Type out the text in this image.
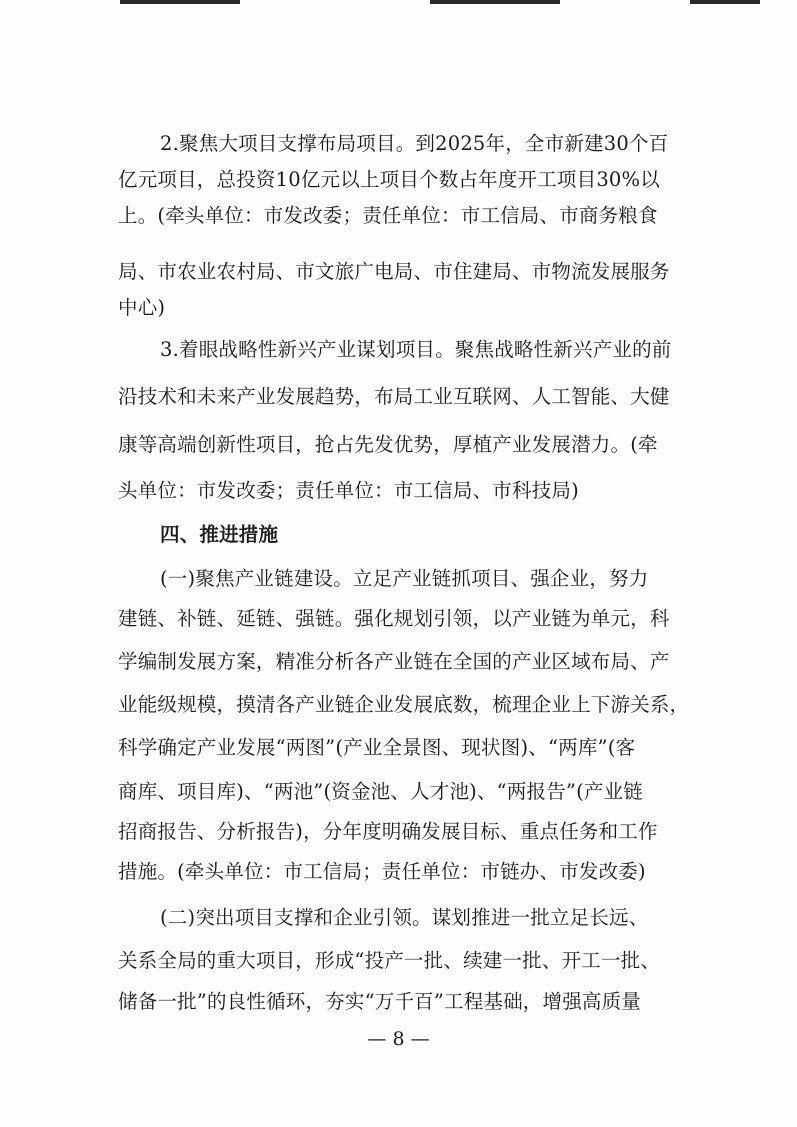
2.聚焦大项目支撑布局项目。到2025年，全市新建30个百
亿元项目，总投资10亿元以上项目个数占年度开工项目30%以
上。(牵头单位：市发改委；责任单位：市工信局、市商务粮食
局、市农业农村局、市文旅广电局、市住建局、市物流发展服务
中心)
3.着眼战略性新兴产业谋划项目。聚焦战略性新兴产业的前
沿技术和未来产业发展趋势，布局工业互联网、人工智能、大健
康等高端创新性项目，抢占先发优势，厚植产业发展潜力。(牵
头单位：市发改委；责任单位：市工信局、市科技局)
四、推进措施
(一)聚焦产业链建设。立足产业链抓项目、强企业，努力
建链、补链、延链、强链。强化规划引领，以产业链为单元，科
学编制发展方案，精准分析各产业链在全国的产业区域布局、产
业能级规模，摸清各产业链企业发展底数，梳理企业上下游关系，
科学确定产业发展“两图”(产业全景图、现状图)、“两库”(客
商库、项目库)、“两池”(资金池、人才池)、“两报告”(产业链
招商报告、分析报告)，分年度明确发展目标、重点任务和工作
措施。(牵头单位：市工信局；责任单位：市链办、市发改委)
(二)突出项目支撑和企业引领。谋划推进一批立足长远、
关系全局的重大项目，形成“投产一批、续建一批、开工一批、
储备一批”的良性循环，夯实“万千百”工程基础，增强高质量
— 8 —
